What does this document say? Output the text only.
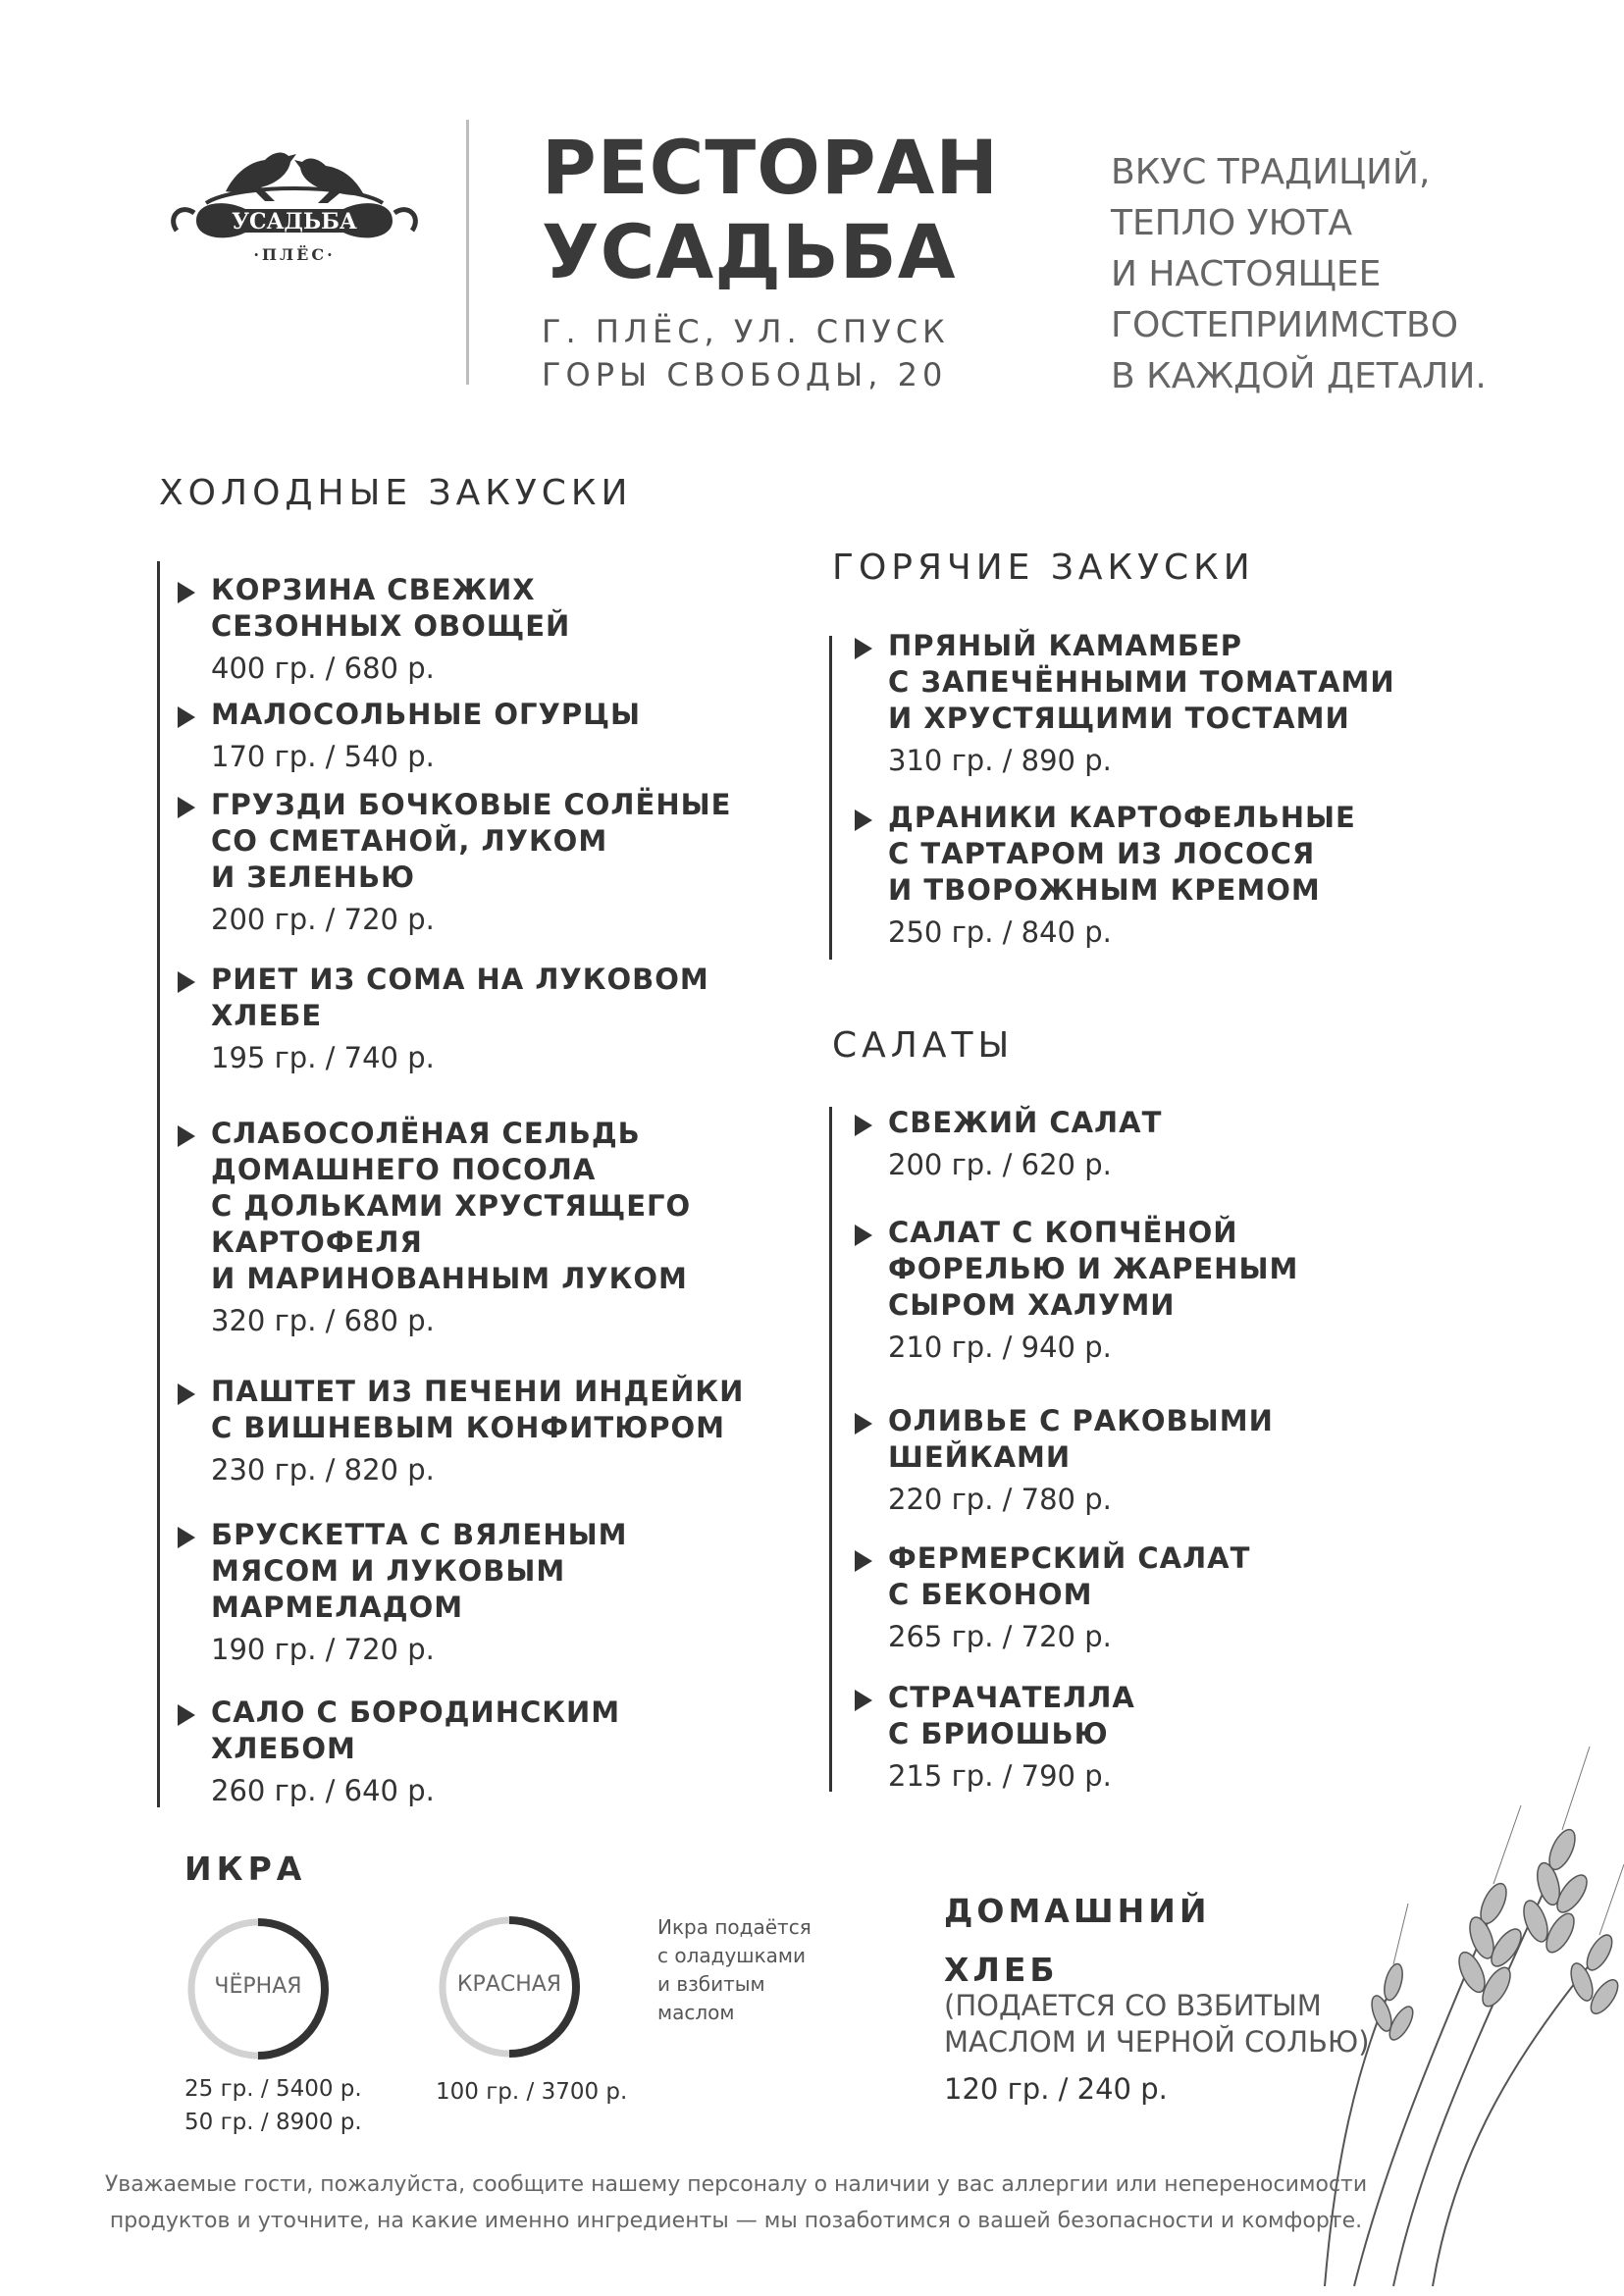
УСАДЬБА
·ПЛЁС·
РЕСТОРАН
УСАДЬБА
Г. ПЛЁС, УЛ. СПУСК
ГОРЫ СВОБОДЫ, 20
ВКУС ТРАДИЦИЙ,
ТЕПЛО УЮТА
И НАСТОЯЩЕЕ
ГОСТЕПРИИМСТВО
В КАЖДОЙ ДЕТАЛИ.
ХОЛОДНЫЕ ЗАКУСКИ
ГОРЯЧИЕ ЗАКУСКИ
САЛАТЫ
КОРЗИНА СВЕЖИХ
СЕЗОННЫХ ОВОЩЕЙ
400 гр. / 680 р.
МАЛОСОЛЬНЫЕ ОГУРЦЫ
170 гр. / 540 р.
ГРУЗДИ БОЧКОВЫЕ СОЛЁНЫЕ
СО СМЕТАНОЙ, ЛУКОМ
И ЗЕЛЕНЬЮ
200 гр. / 720 р.
РИЕТ ИЗ СОМА НА ЛУКОВОМ
ХЛЕБЕ
195 гр. / 740 р.
СЛАБОСОЛЁНАЯ СЕЛЬДЬ
ДОМАШНЕГО ПОСОЛА
С ДОЛЬКАМИ ХРУСТЯЩЕГО
КАРТОФЕЛЯ
И МАРИНОВАННЫМ ЛУКОМ
320 гр. / 680 р.
ПАШТЕТ ИЗ ПЕЧЕНИ ИНДЕЙКИ
С ВИШНЕВЫМ КОНФИТЮРОМ
230 гр. / 820 р.
БРУСКЕТТА С ВЯЛЕНЫМ
МЯСОМ И ЛУКОВЫМ
МАРМЕЛАДОМ
190 гр. / 720 р.
САЛО С БОРОДИНСКИМ
ХЛЕБОМ
260 гр. / 640 р.
ПРЯНЫЙ КАМАМБЕР
С ЗАПЕЧЁННЫМИ ТОМАТАМИ
И ХРУСТЯЩИМИ ТОСТАМИ
310 гр. / 890 р.
ДРАНИКИ КАРТОФЕЛЬНЫЕ
С ТАРТАРОМ ИЗ ЛОСОСЯ
И ТВОРОЖНЫМ КРЕМОМ
250 гр. / 840 р.
СВЕЖИЙ САЛАТ
200 гр. / 620 р.
САЛАТ С КОПЧЁНОЙ
ФОРЕЛЬЮ И ЖАРЕНЫМ
СЫРОМ ХАЛУМИ
210 гр. / 940 р.
ОЛИВЬЕ С РАКОВЫМИ
ШЕЙКАМИ
220 гр. / 780 р.
ФЕРМЕРСКИЙ САЛАТ
С БЕКОНОМ
265 гр. / 720 р.
СТРАЧАТЕЛЛА
С БРИОШЬЮ
215 гр. / 790 р.
ИКРА
ЧЁРНАЯ
25 гр. / 5400 р.
50 гр. / 8900 р.
КРАСНАЯ
100 гр. / 3700 р.
Икра подаётся
с оладушками
и взбитым
маслом
ДОМАШНИЙ
ХЛЕБ
(ПОДАЕТСЯ СО ВЗБИТЫМ
МАСЛОМ И ЧЕРНОЙ СОЛЬЮ)
120 гр. / 240 р.
Уважаемые гости, пожалуйста, сообщите нашему персоналу о наличии у вас аллергии или непереносимости
продуктов и уточните, на какие именно ингредиенты — мы позаботимся о вашей безопасности и комфорте.
